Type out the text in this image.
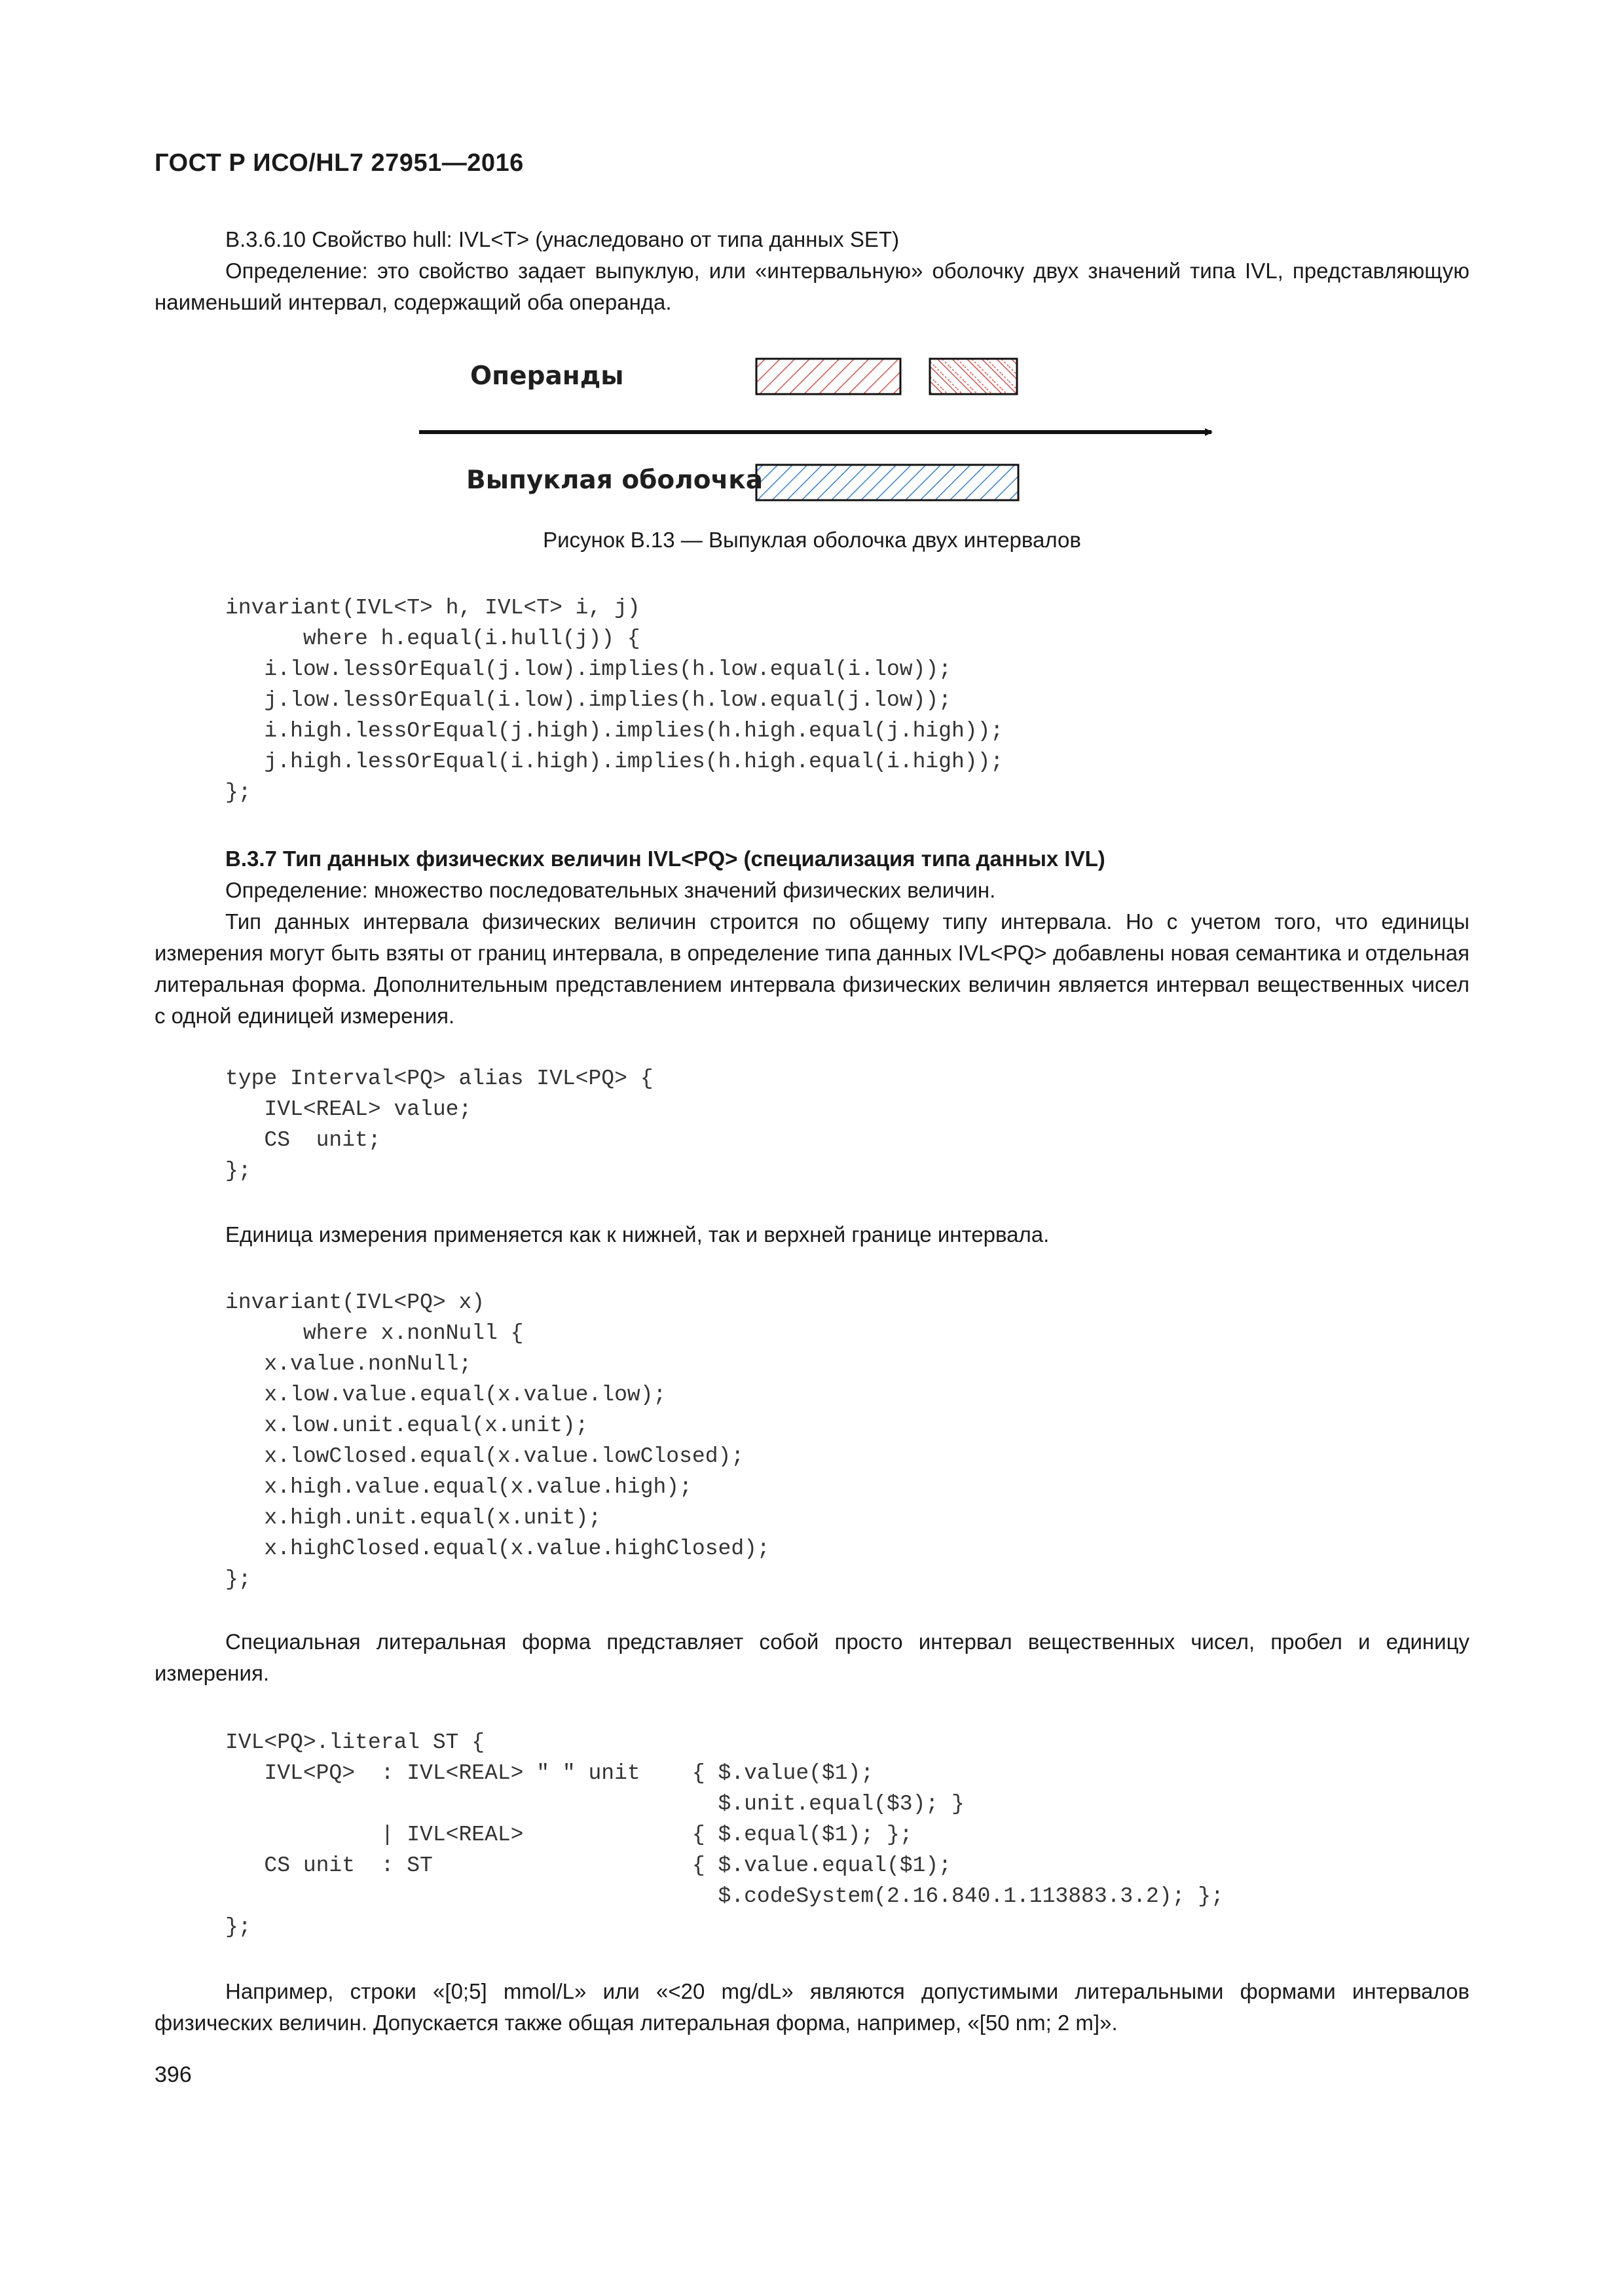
ГОСТ Р ИСО/HL7 27951—2016
B.3.6.10 Свойство hull: IVL<T> (унаследовано от типа данных SET)
Определение: это свойство задает выпуклую, или «интервальную» оболочку двух значений типа IVL, представляющую наименьший интервал, содержащий оба операнда.
Операнды
Выпуклая оболочка
Рисунок B.13 — Выпуклая оболочка двух интервалов
invariant(IVL<T> h, IVL<T> i, j)
where h.equal(i.hull(j)) {
i.low.lessOrEqual(j.low).implies(h.low.equal(i.low));
j.low.lessOrEqual(i.low).implies(h.low.equal(j.low));
i.high.lessOrEqual(j.high).implies(h.high.equal(j.high));
j.high.lessOrEqual(i.high).implies(h.high.equal(i.high));
};
B.3.7 Тип данных физических величин IVL<PQ> (специализация типа данных IVL)
Определение: множество последовательных значений физических величин.
Тип данных интервала физических величин строится по общему типу интервала. Но с учетом того, что единицы измерения могут быть взяты от границ интервала, в определение типа данных IVL<PQ> добавлены новая семантика и отдельная литеральная форма. Дополнительным представлением интервала физических величин является интервал вещественных чисел с одной единицей измерения.
type Interval<PQ> alias IVL<PQ> {
IVL<REAL> value;
CS  unit;
};
Единица измерения применяется как к нижней, так и верхней границе интервала.
invariant(IVL<PQ> x)
where x.nonNull {
x.value.nonNull;
x.low.value.equal(x.value.low);
x.low.unit.equal(x.unit);
x.lowClosed.equal(x.value.lowClosed);
x.high.value.equal(x.value.high);
x.high.unit.equal(x.unit);
x.highClosed.equal(x.value.highClosed);
};
Специальная литеральная форма представляет собой просто интервал вещественных чисел, пробел и единицу измерения.
IVL<PQ>.literal ST {
IVL<PQ>  : IVL<REAL> " " unit    { $.value($1);
$.unit.equal($3); }
| IVL<REAL>             { $.equal($1); };
CS unit  : ST                    { $.value.equal($1);
$.codeSystem(2.16.840.1.113883.3.2); };
};
Например, строки «[0;5] mmol/L» или «<20 mg/dL» являются допустимыми литеральными формами интервалов физических величин. Допускается также общая литеральная форма, например, «[50 nm; 2 m]».
396
